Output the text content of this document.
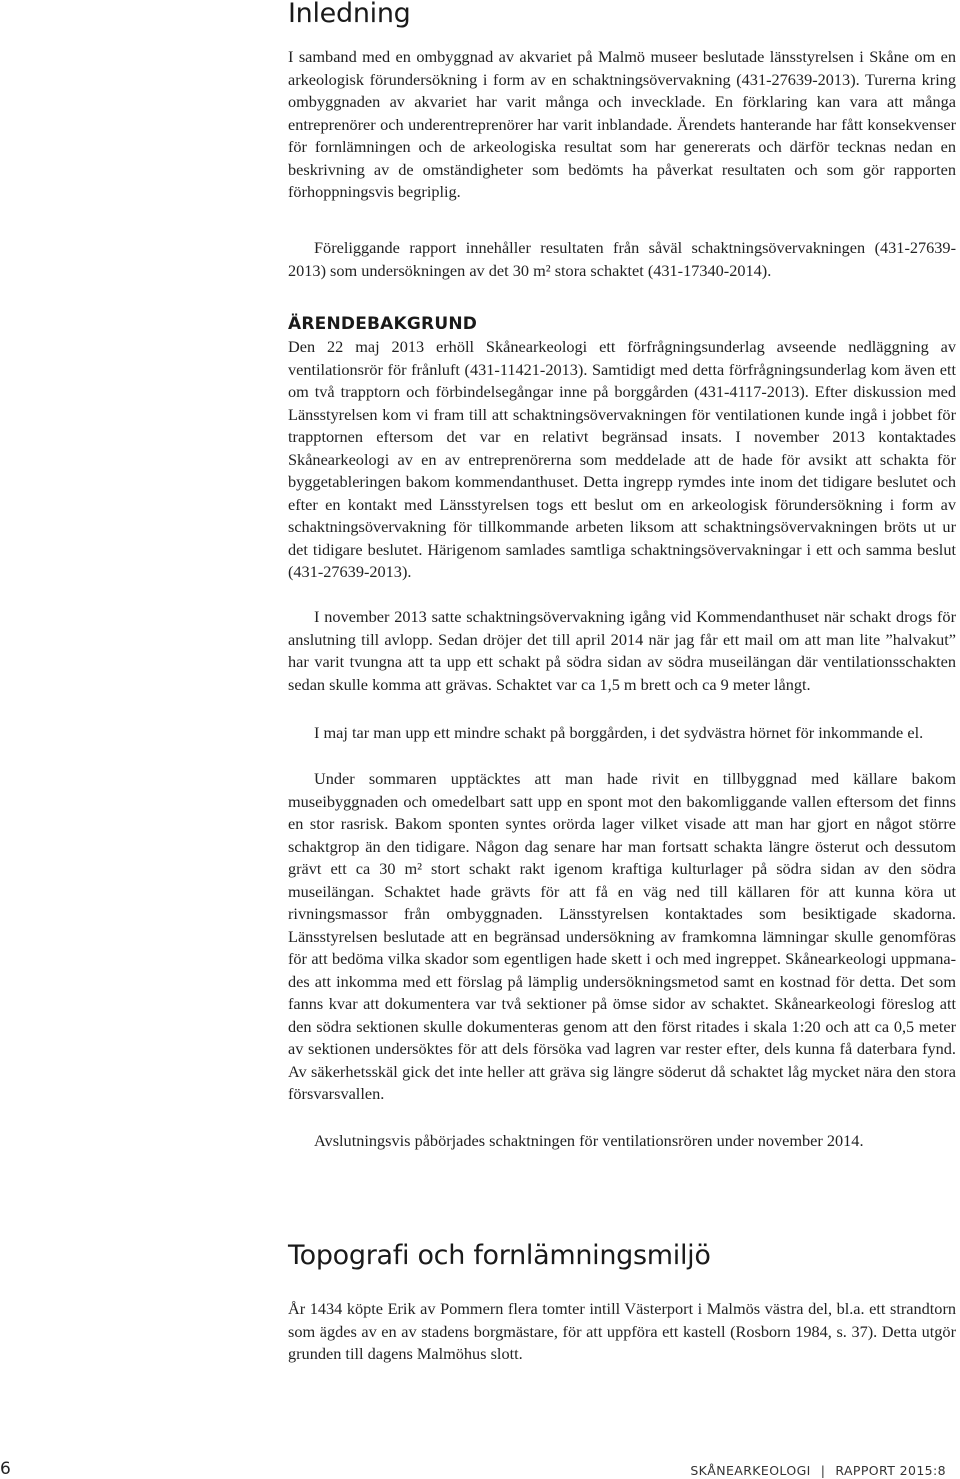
Inledning

I samband med en ombyggnad av akvariet på Malmö museer beslutade länsstyrelsen i Skåne om en arkeologisk förundersökning i form av en schaktningsövervakning (431-27639-2013). Turerna kring ombyggnaden av akvariet har varit många och invecklade. En förklaring kan vara att många entreprenörer och underentreprenörer har varit inblandade. Ärendets hanterande har fått konsekvenser för fornlämningen och de arkeologiska resultat som har genererats och därför tecknas nedan en beskrivning av de omständigheter som bedömts ha påverkat resultaten och som gör rapporten förhoppningsvis begriplig.

Föreliggande rapport innehåller resultaten från såväl schaktningsövervakningen (431-27639-2013) som undersökningen av det 30 m² stora schaktet (431-17340-2014).

ÄRENDEBAKGRUND

Den 22 maj 2013 erhöll Skånearkeologi ett förfrågningsunderlag avseende nedläggning av ventilationsrör för frånluft (431-11421-2013). Samtidigt med detta förfrågningsunderlag kom även ett om två trapptorn och förbindelsegångar inne på borggården (431-4117-2013). Efter diskussion med Länsstyrelsen kom vi fram till att schaktningsövervakningen för ventilationen kunde ingå i jobbet för trapptornen eftersom det var en relativt begränsad insats. I november 2013 kontaktades Skånearkeologi av en av entreprenörerna som meddelade att de hade för avsikt att schakta för byggetableringen bakom kommendanthuset. Detta ingrepp rymdes inte inom det tidigare beslutet och efter en kontakt med Länsstyrelsen togs ett beslut om en arkeologisk förundersökning i form av schaktningsövervakning för tillkommande arbeten liksom att schaktningsövervakningen bröts ut ur det tidigare beslutet. Härigenom samlades samtliga schaktningsövervakningar i ett och samma beslut (431-27639-2013).

I november 2013 satte schaktningsövervakning igång vid Kommendanthuset när schakt drogs för anslutning till avlopp. Sedan dröjer det till april 2014 när jag får ett mail om att man lite ”halvakut” har varit tvungna att ta upp ett schakt på södra sidan av södra museilängan där ventilationsschakten sedan skulle komma att grävas. Schaktet var ca 1,5 m brett och ca 9 meter långt.

I maj tar man upp ett mindre schakt på borggården, i det sydvästra hörnet för inkommande el.

Under sommaren upptäcktes att man hade rivit en tillbyggnad med källare bakom museibyggnaden och omedelbart satt upp en spont mot den bakomliggande vallen eftersom det finns en stor rasrisk. Bakom sponten syntes orörda lager vilket visade att man har gjort en något större schaktgrop än den tidigare. Någon dag senare har man fortsatt schakta längre österut och dessutom grävt ett ca 30 m² stort schakt rakt igenom kraftiga kulturlager på södra sidan av den södra museilängan. Schaktet hade grävts för att få en väg ned till källaren för att kunna köra ut rivningsmassor från ombyggnaden. Länsstyrelsen kontaktades som besiktigade skadorna. Länsstyrelsen beslutade att en begränsad undersökning av framkomna lämningar skulle genomföras för att bedöma vilka skador som egentligen hade skett i och med ingreppet. Skånearkeologi uppmanades att inkomma med ett förslag på lämplig undersökningsmetod samt en kostnad för detta. Det som fanns kvar att dokumentera var två sektioner på ömse sidor av schaktet. Skånearkeologi föreslog att den södra sektionen skulle dokumenteras genom att den först ritades i skala 1:20 och att ca 0,5 meter av sektionen undersöktes för att dels försöka vad lagren var rester efter, dels kunna få daterbara fynd. Av säkerhetsskäl gick det inte heller att gräva sig längre söderut då schaktet låg mycket nära den stora försvarsvallen.

Avslutningsvis påbörjades schaktningen för ventilationsrören under november 2014.

Topografi och fornlämningsmiljö

År 1434 köpte Erik av Pommern flera tomter intill Västerport i Malmös västra del, bl.a. ett strandtorn som ägdes av en av stadens borgmästare, för att uppföra ett kastell (Rosborn 1984, s. 37). Detta utgör grunden till dagens Malmöhus slott.

6	SKÅNEARKEOLOGI | RAPPORT 2015:8
